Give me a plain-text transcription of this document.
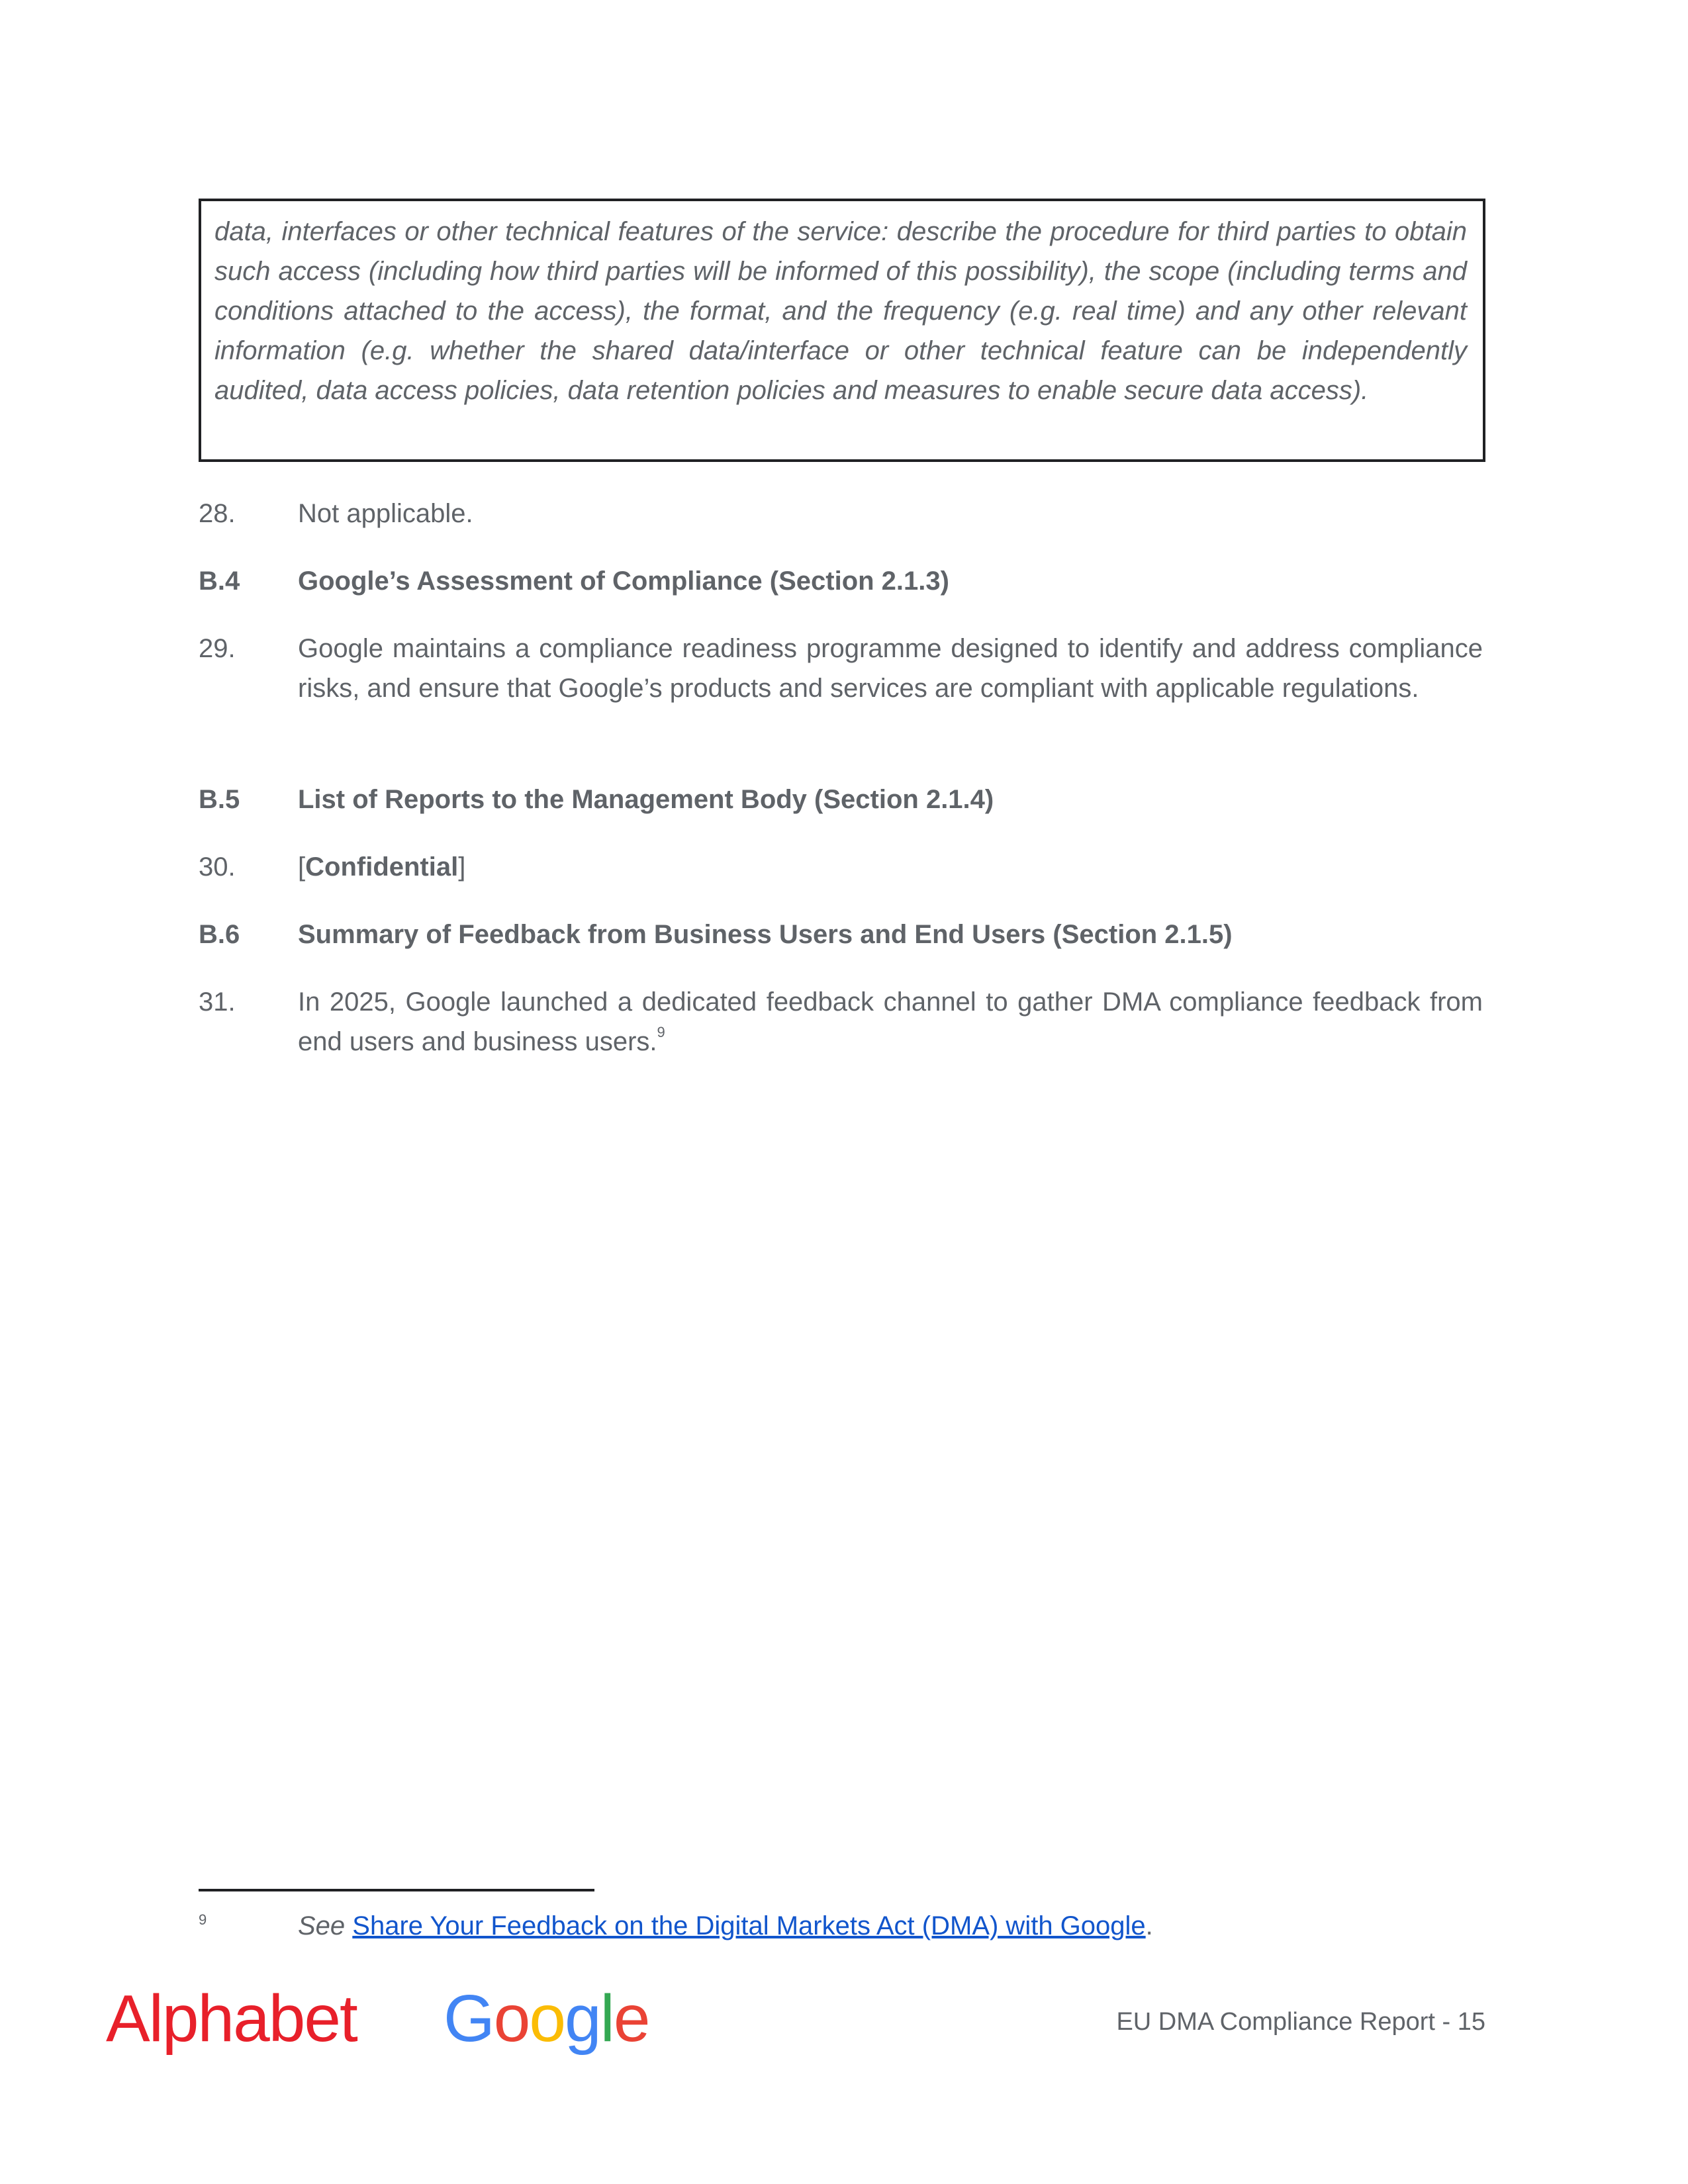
data, interfaces or other technical features of the service: describe the procedure for third parties to obtain such access (including how third parties will be informed of this possibility), the scope (including terms and conditions attached to the access), the format, and the frequency (e.g. real time) and any other relevant information (e.g. whether the shared data/interface or other technical feature can be independently audited, data access policies, data retention policies and measures to enable secure data access).
28. Not applicable.
B.4 Google’s Assessment of Compliance (Section 2.1.3)
29. Google maintains a compliance readiness programme designed to identify and address compliance risks, and ensure that Google’s products and services are compliant with applicable regulations.
B.5 List of Reports to the Management Body (Section 2.1.4)
30. [Confidential]
B.6 Summary of Feedback from Business Users and End Users (Section 2.1.5)
31. In 2025, Google launched a dedicated feedback channel to gather DMA compliance feedback from end users and business users.$^9$
9	See Share Your Feedback on the Digital Markets Act (DMA) with Google.
Alphabet Google	EU DMA Compliance Report - 15
